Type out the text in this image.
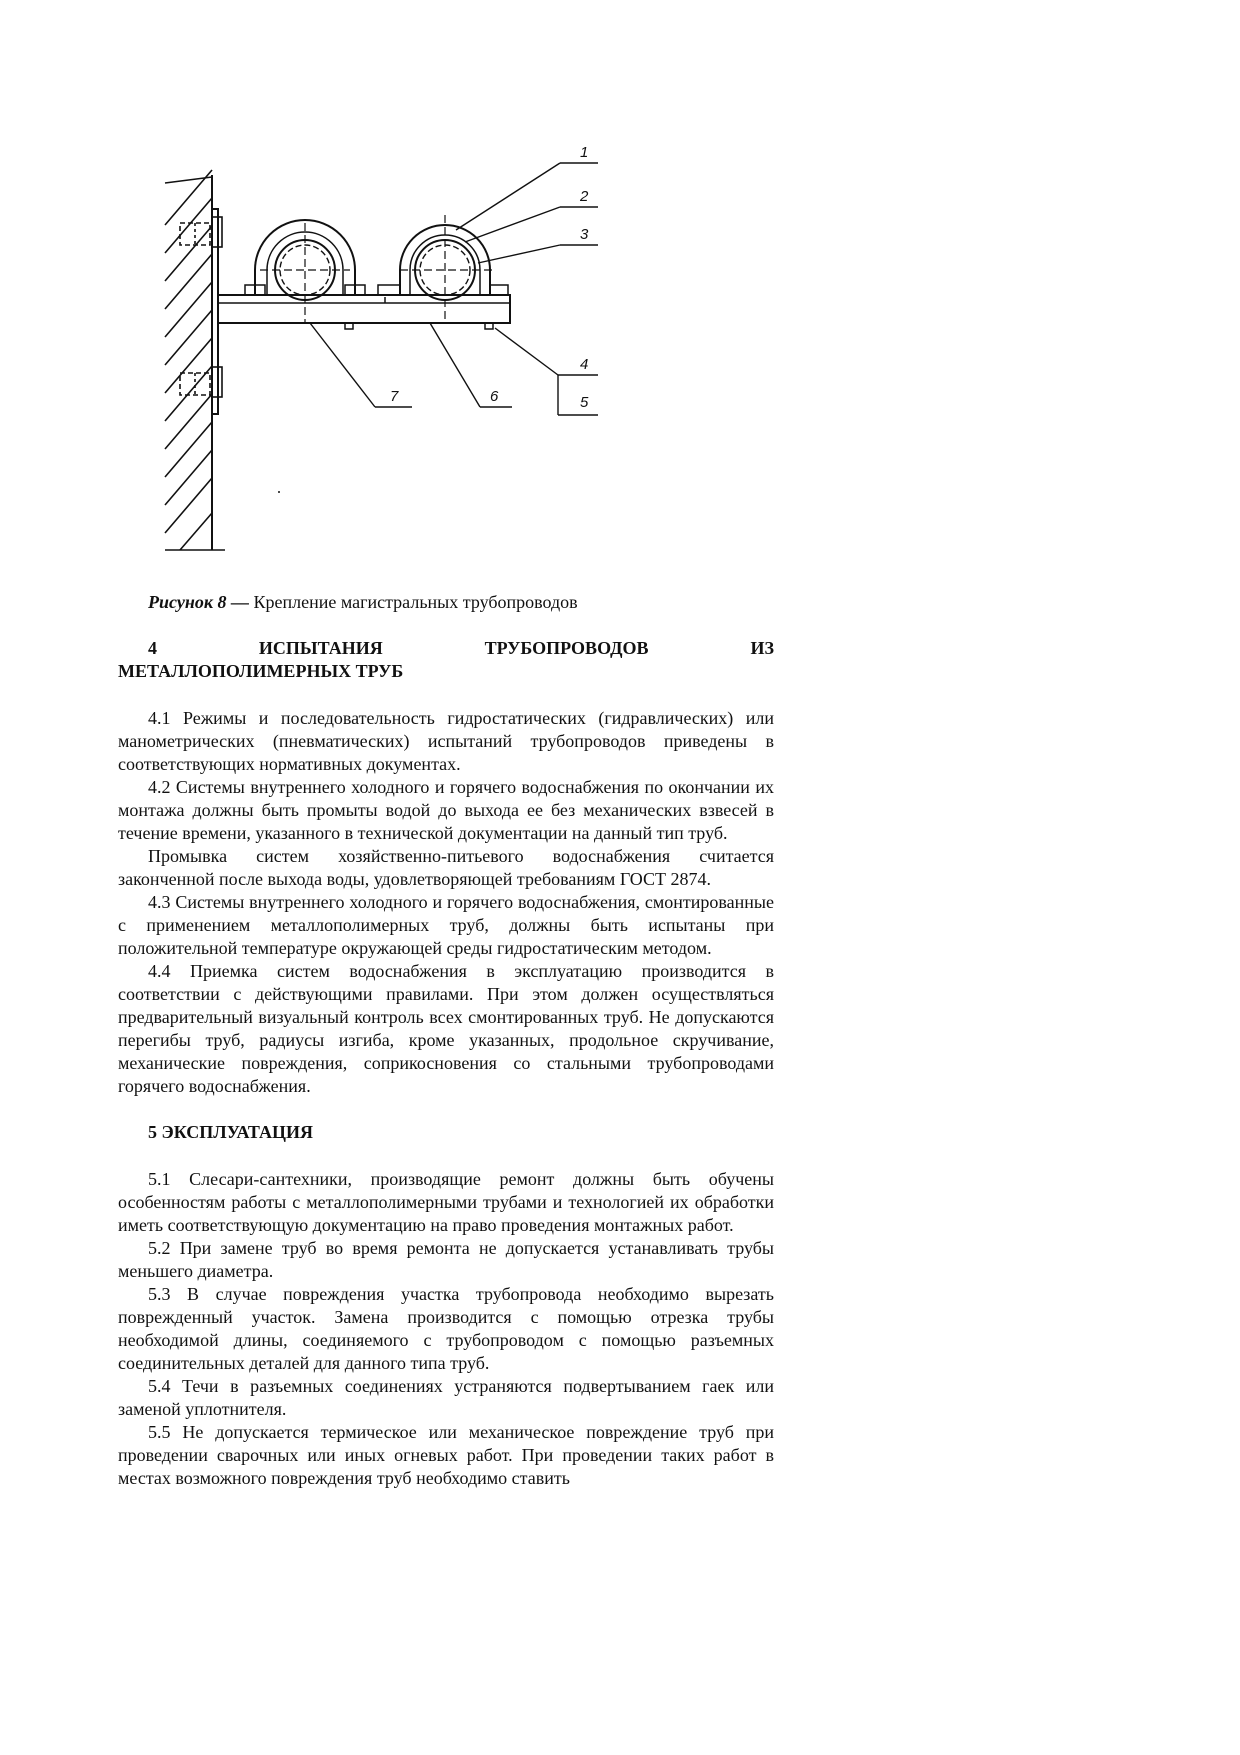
1
2
3
4
5
6
7
Рисунок 8 — Крепление магистральных трубопроводов
4 ИСПЫТАНИЯ ТРУБОПРОВОДОВ ИЗ
МЕТАЛЛОПОЛИМЕРНЫХ ТРУБ

4.1 Режимы и последовательность гидростатических (гидравлических) или манометрических (пневматических) испытаний трубопроводов приведены в соответствующих нормативных документах.

4.2 Системы внутреннего холодного и горячего водоснабжения по окончании их монтажа должны быть промыты водой до выхода ее без механических взвесей в течение времени, указанного в технической документации на данный тип труб.

Промывка систем хозяйственно-питьевого водоснабжения считается законченной после выхода воды, удовлетворяющей требованиям ГОСТ 2874.

4.3 Системы внутреннего холодного и горячего водоснабжения, смонтированные с применением металлополимерных труб, должны быть испытаны при положительной температуре окружающей среды гидростатическим методом.

4.4 Приемка систем водоснабжения в эксплуатацию производится в соответствии с действующими правилами. При этом должен осуществляться предварительный визуальный контроль всех смонтированных труб. Не допускаются перегибы труб, радиусы изгиба, кроме указанных, продольное скручивание, механические повреждения, соприкосновения со стальными трубопроводами горячего водоснабжения.

5 ЭКСПЛУАТАЦИЯ

5.1 Слесари-сантехники, производящие ремонт должны быть обучены особенностям работы с металлополимерными трубами и технологией их обработки иметь соответствующую документацию на право проведения монтажных работ.

5.2 При замене труб во время ремонта не допускается устанавливать трубы меньшего диаметра.

5.3 В случае повреждения участка трубопровода необходимо вырезать поврежденный участок. Замена производится с помощью отрезка трубы необходимой длины, соединяемого с трубопроводом с помощью разъемных соединительных деталей для данного типа труб.

5.4 Течи в разъемных соединениях устраняются подвертыванием гаек или заменой уплотнителя.

5.5 Не допускается термическое или механическое повреждение труб при проведении сварочных или иных огневых работ. При проведении таких работ в местах возможного повреждения труб необходимо ставить
